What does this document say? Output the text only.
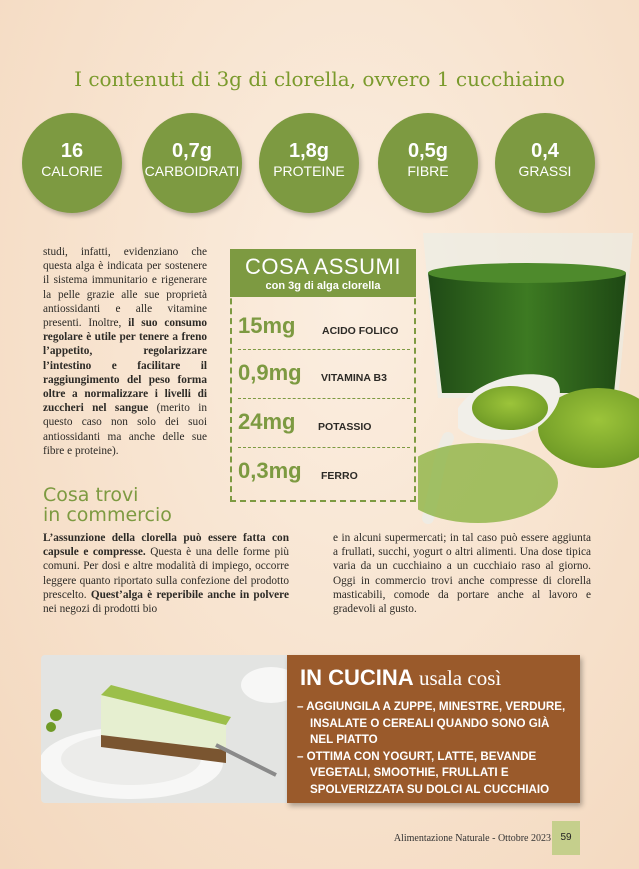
I contenuti di 3g di clorella, ovvero 1 cucchiaino
16
CALORIE
0,7g
CARBOIDRATI
1,8g
PROTEINE
0,5g
FIBRE
0,4
GRASSI
studi, infatti, evidenziano che questa alga è indicata per sostenere il sistema immunitario e rigenerare la pelle grazie alle sue proprietà antiossidanti e alle vitamine presenti. Inoltre, il suo consumo regolare è utile per tenere a freno l’appetito, regolarizzare l’intestino e facilitare il raggiungimento del peso forma oltre a normalizzare i livelli di zuccheri nel sangue (merito in questo caso non solo dei suoi antiossidanti ma anche delle sue fibre e proteine).
COSA ASSUMI
con 3g di alga clorella
15mg	ACIDO FOLICO
0,9mg VITAMINA B3
24mg POTASSIO
0,3mg FERRO
Cosa trovi
in commercio
L’assunzione della clorella può essere fatta con capsule e compresse. Questa è una delle forme più comuni. Per dosi e altre modalità di impiego, occorre leggere quanto riportato sulla confezione del prodotto prescelto. Quest’alga è reperibile anche in polvere nei negozi di prodotti bio
e in alcuni supermercati; in tal caso può essere aggiunta a frullati, succhi, yogurt o altri alimenti. Una dose tipica varia da un cucchiaino a un cucchiaio raso al giorno. Oggi in commercio trovi anche compresse di clorella masticabili, comode da portare anche al lavoro e gradevoli al gusto.
IN CUCINA usala così
– AGGIUNGILA A ZUPPE, MINESTRE, VERDURE, INSALATE O CEREALI QUANDO SONO GIÀ NEL PIATTO
– OTTIMA CON YOGURT, LATTE, BEVANDE VEGETALI, SMOOTHIE, FRULLATI E SPOLVERIZZATA SU DOLCI AL CUCCHIAIO
Alimentazione Naturale - Ottobre 2023 59
